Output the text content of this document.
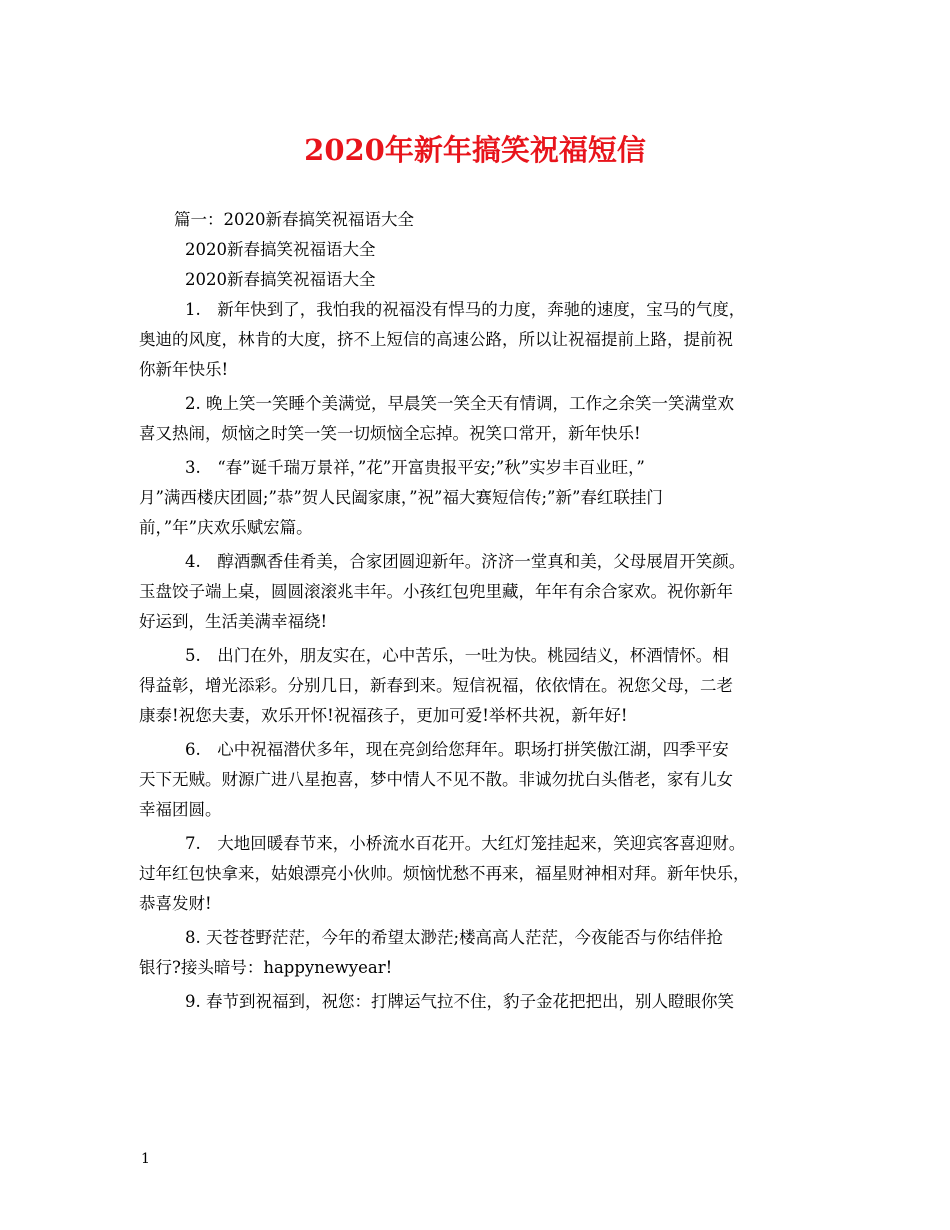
2020年新年搞笑祝福短信
篇一：2020新春搞笑祝福语大全
2020新春搞笑祝福语大全
2020新春搞笑祝福语大全
1.　新年快到了，我怕我的祝福没有悍马的力度，奔驰的速度，宝马的气度，
奥迪的风度，林肯的大度，挤不上短信的高速公路，所以让祝福提前上路，提前祝
你新年快乐!
2. 晚上笑一笑睡个美满觉，早晨笑一笑全天有情调，工作之余笑一笑满堂欢
喜又热闹，烦恼之时笑一笑一切烦恼全忘掉。祝笑口常开，新年快乐!
3.　“春”诞千瑞万景祥，”花”开富贵报平安;”秋”实岁丰百业旺，”
月”满西楼庆团圆;”恭”贺人民阖家康，”祝”福大赛短信传;”新”春红联挂门
前，”年”庆欢乐赋宏篇。
4.　醇酒飘香佳肴美，合家团圆迎新年。济济一堂真和美，父母展眉开笑颜。
玉盘饺子端上桌，圆圆滚滚兆丰年。小孩红包兜里藏，年年有余合家欢。祝你新年
好运到，生活美满幸福绕!
5.　出门在外，朋友实在，心中苦乐，一吐为快。桃园结义，杯酒情怀。相
得益彰，增光添彩。分别几日，新春到来。短信祝福，依依情在。祝您父母，二老
康泰!祝您夫妻，欢乐开怀!祝福孩子，更加可爱!举杯共祝，新年好!
6.　心中祝福潜伏多年，现在亮剑给您拜年。职场打拼笑傲江湖，四季平安
天下无贼。财源广进八星抱喜，梦中情人不见不散。非诚勿扰白头偕老，家有儿女
幸福团圆。
7.　大地回暖春节来，小桥流水百花开。大红灯笼挂起来，笑迎宾客喜迎财。
过年红包快拿来，姑娘漂亮小伙帅。烦恼忧愁不再来，福星财神相对拜。新年快乐，
恭喜发财!
8. 天苍苍野茫茫，今年的希望太渺茫;楼高高人茫茫，今夜能否与你结伴抢
银行?接头暗号：happynewyear!
9. 春节到祝福到，祝您：打牌运气拉不住，豹子金花把把出，别人瞪眼你笑
1
